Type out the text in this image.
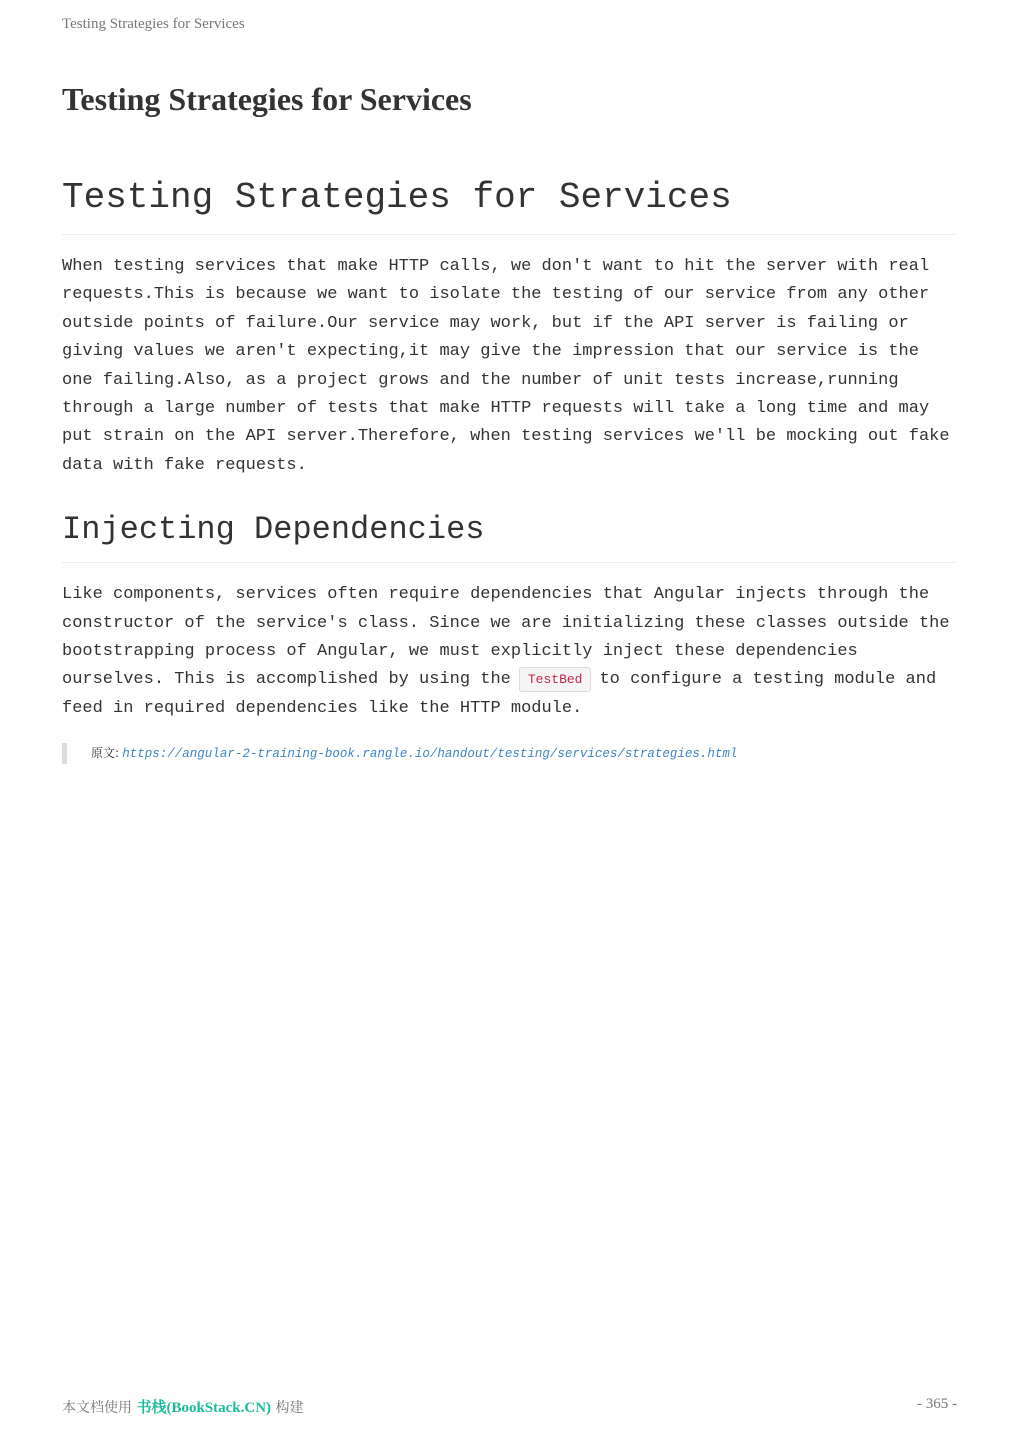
Testing Strategies for Services
Testing Strategies for Services
Testing Strategies for Services

When testing services that make HTTP calls, we don't want to hit the server with real requests.This is because we want to isolate the testing of our service from any other outside points of failure.Our service may work, but if the API server is failing or giving values we aren't expecting,it may give the impression that our service is the one failing.Also, as a project grows and the number of unit tests increase,running through a large number of tests that make HTTP requests will take a long time and may put strain on the API server.Therefore, when testing services we'll be mocking out fake data with fake requests.

Injecting Dependencies

Like components, services often require dependencies that Angular injects through the constructor of the service's class. Since we are initializing these classes outside the bootstrapping process of Angular, we must explicitly inject these dependencies ourselves. This is accomplished by using the TestBed to configure a testing module and feed in required dependencies like the HTTP module.

原文: https://angular-2-training-book.rangle.io/handout/testing/services/strategies.html
本文档使用 书栈(BookStack.CN) 构建	- 365 -
